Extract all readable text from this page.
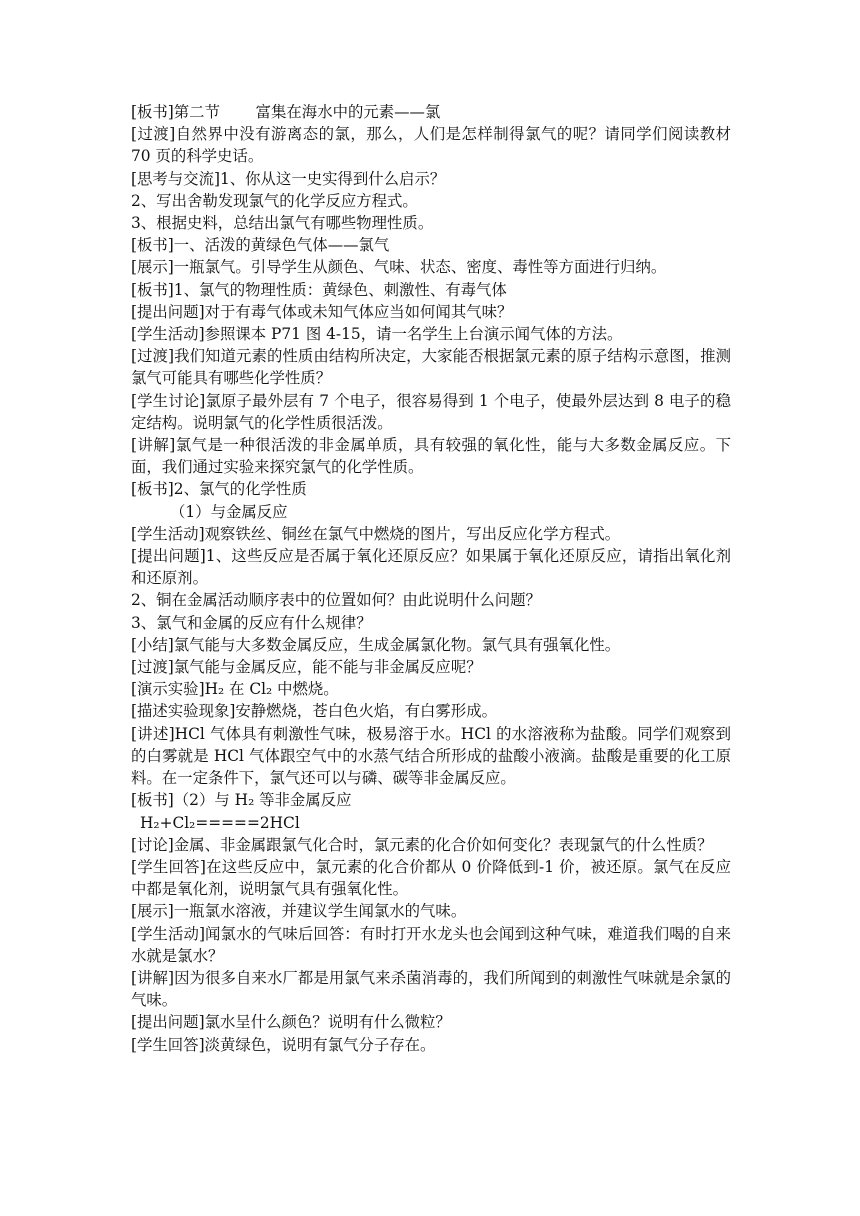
[板书]第二节　　 富集在海水中的元素——氯

[过渡]自然界中没有游离态的氯，那么，人们是怎样制得氯气的呢？请同学们阅读教材 70 页的科学史话。

[思考与交流]1、你从这一史实得到什么启示？

2、写出舍勒发现氯气的化学反应方程式。

3、根据史料，总结出氯气有哪些物理性质。

[板书]一、活泼的黄绿色气体——氯气

[展示]一瓶氯气。引导学生从颜色、气味、状态、密度、毒性等方面进行归纳。

[板书]1、氯气的物理性质：黄绿色、刺激性、有毒气体

[提出问题]对于有毒气体或未知气体应当如何闻其气味？

[学生活动]参照课本 P71 图 4-15，请一名学生上台演示闻气体的方法。

[过渡]我们知道元素的性质由结构所决定，大家能否根据氯元素的原子结构示意图，推测氯气可能具有哪些化学性质？

[学生讨论]氯原子最外层有 7 个电子，很容易得到 1 个电子，使最外层达到 8 电子的稳定结构。说明氯气的化学性质很活泼。

[讲解]氯气是一种很活泼的非金属单质，具有较强的氧化性，能与大多数金属反应。下面，我们通过实验来探究氯气的化学性质。

[板书]2、氯气的化学性质

（1）与金属反应

[学生活动]观察铁丝、铜丝在氯气中燃烧的图片，写出反应化学方程式。

[提出问题]1、这些反应是否属于氧化还原反应？如果属于氧化还原反应，请指出氧化剂和还原剂。

2、铜在金属活动顺序表中的位置如何？由此说明什么问题？

3、氯气和金属的反应有什么规律？

[小结]氯气能与大多数金属反应，生成金属氯化物。氯气具有强氧化性。

[过渡]氯气能与金属反应，能不能与非金属反应呢？

[演示实验]H₂ 在 Cl₂ 中燃烧。

[描述实验现象]安静燃烧，苍白色火焰，有白雾形成。

[讲述]HCl 气体具有刺激性气味，极易溶于水。HCl 的水溶液称为盐酸。同学们观察到的白雾就是 HCl 气体跟空气中的水蒸气结合所形成的盐酸小液滴。盐酸是重要的化工原料。在一定条件下，氯气还可以与磷、碳等非金属反应。

[板书]（2）与 H₂ 等非金属反应

H₂+Cl₂=====2HCl

[讨论]金属、非金属跟氯气化合时，氯元素的化合价如何变化？表现氯气的什么性质？

[学生回答]在这些反应中，氯元素的化合价都从 0 价降低到-1 价，被还原。氯气在反应中都是氧化剂，说明氯气具有强氧化性。

[展示]一瓶氯水溶液，并建议学生闻氯水的气味。

[学生活动]闻氯水的气味后回答：有时打开水龙头也会闻到这种气味，难道我们喝的自来水就是氯水？

[讲解]因为很多自来水厂都是用氯气来杀菌消毒的，我们所闻到的刺激性气味就是余氯的气味。

[提出问题]氯水呈什么颜色？说明有什么微粒？

[学生回答]淡黄绿色，说明有氯气分子存在。
